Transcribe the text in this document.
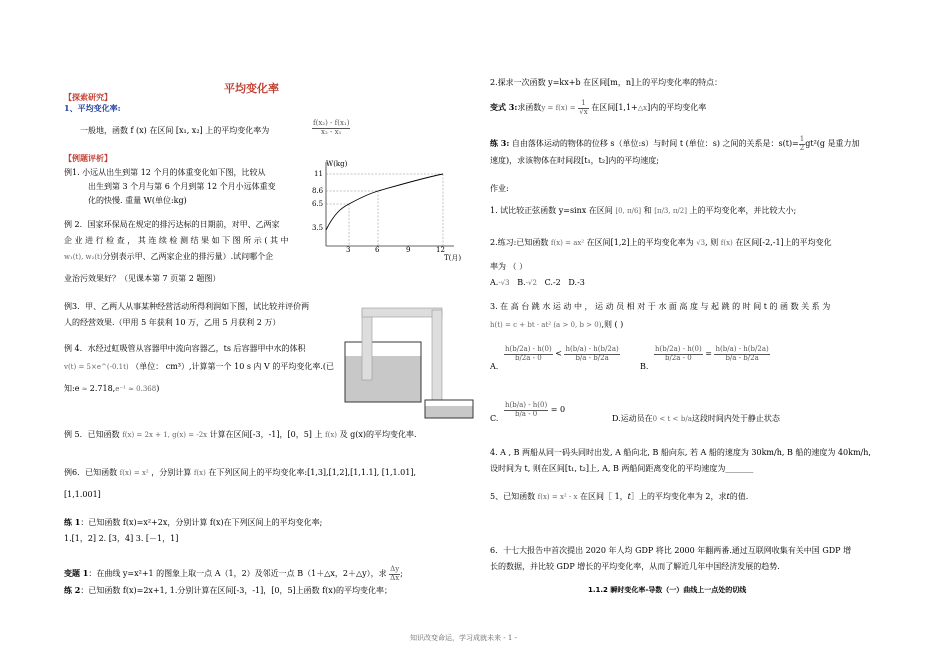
平均变化率
【探索研究】
1、平均变化率:
一般地，函数 f (x) 在区间 [x₁, x₂] 上的平均变化率为	$\frac{\text{f(x₂) - f(x₁)}}{\text{x₂ - x₁}}$
【例题评析】
例1. 小远从出生到第 12 个月的体重变化如下图，比较从
出生到第 3 个月与第 6 个月到第 12 个月小远体重变
化的快慢. 重量 W(单位:kg)
W(kg)
11
8.6
6.5
3.5
3	6	9	12
T(月)
例 2．国家环保局在规定的排污达标的日期前，对甲、乙两家
企 业 进 行 检 查 ， 其 连 续 检 测 结 果 如 下 图 所 示 ( 其 中
w₁(t), w₂(t)分别表示甲、乙两家企业的排污量）.试问哪个企
业治污效果好？（见课本第 7 页第 2 题图）
例3．甲、乙两人从事某种经营活动所得利润如下图，试比较并评价两
人的经营效果.（甲用 5 年获利 10 万，乙用 5 月获利 2 万）
例 4．水经过虹吸管从容器甲中流向容器乙，ts 后容器甲中水的体积
v(t) = 5×e^(-0.1t) （单位： cm³）,计算第一个 10 s 内 V 的平均变化率.(已
知:e ≈ 2.718,e⁻¹ ≈ 0.368)
例 5．已知函数 f(x) = 2x + 1, g(x) = -2x 计算在区间[-3，-1]，[0，5] 上 f(x) 及 g(x)的平均变化率.
例6．已知函数 f(x) = x² ，分别计算 f(x) 在下列区间上的平均变化率:[1,3],[1,2],[1,1.1], [1,1.01],
[1,1.001]
练 1：已知函数 f(x)=x²+2x，分别计算 f(x)在下列区间上的平均变化率;
1.[1，2] 2. [3，4] 3. [－1，1]
变题 1：在曲线 y=x²+1 的图象上取一点 A（1，2）及邻近一点 B（1＋△x，2＋△y），求 $\frac{\Delta y}{\Delta x}$ ;
练 2：已知函数 f(x)=2x+1, 1.分别计算在区间[-3，-1]，[0，5]上函数 f(x)的平均变化率；
2.探求一次函数 y=kx+b 在区间[m，n]上的平均变化率的特点：
变式 3:求函数$y = f(x) = \frac{1}{√x}$ 在区间[1,1+△x]内的平均变化率
练 3: 自由落体运动的物体的位移 s（单位:s）与时间 t (单位：s) 之间的关系是：$s(t)= \frac{1}{2} gt^2(g$ 是重力加
速度)，求该物体在时间段[t₁，t₂]内的平均速度;
作业:
1. 试比较正弦函数 y=sinx 在区间 [0, π/6] 和 [π/3, π/2] 上的平均变化率，并比较大小;
2.练习:已知函数 f(x) = ax² 在区间[1,2]上的平均变化率为 √3, 则 f(x) 在区间[-2,-1]上的平均变化
率为 （ ）
A.-√3 B.-√2 C.-2 D.-3
3. 在 高 台 跳 水 运 动 中 ， 运 动 员 相 对 于 水 面 高 度 与 起 跳 的 时 间 t 的 函 数 关 系 为
h(t) = c + bt · at² (a > 0, b > 0),则 ( )
A.
$\frac{h(b/2a) - h(0)}{b/2a - 0} < \frac{h(b/a) - h(b/2a)}{b/a - b/2a}$
B.
$\frac{h(b/2a) - h(0)}{b/2a - 0} = \frac{h(b/a) - h(b/2a)}{b/a - b/2a}$
C.
$\frac{h(b/a) - h(0)}{b/a - 0} = 0$
D.运动员在0 < t < b/a这段时间内处于静止状态
4. A , B 两船从同一码头同时出发, A 船向北, B 船向东, 若 A 船的速度为 30km/h, B 船的速度为 40km/h,
设时间为 t, 则在区间[t₁, t₂]上, A, B 两船间距离变化的平均速度为_______
5、已知函数 f(x) = x² - x 在区间［ 1，t］上的平均变化率为 2，求t的值.
6．十七大报告中首次提出 2020 年人均 GDP 将比 2000 年翻两番.通过互联网收集有关中国 GDP 增
长的数据，并比较 GDP 增长的平均变化率，从而了解近几年中国经济发展的趋势.
1.1.2 瞬时变化率-导数（一）曲线上一点处的切线
知识改变命运，学习成就未来 - 1 -
